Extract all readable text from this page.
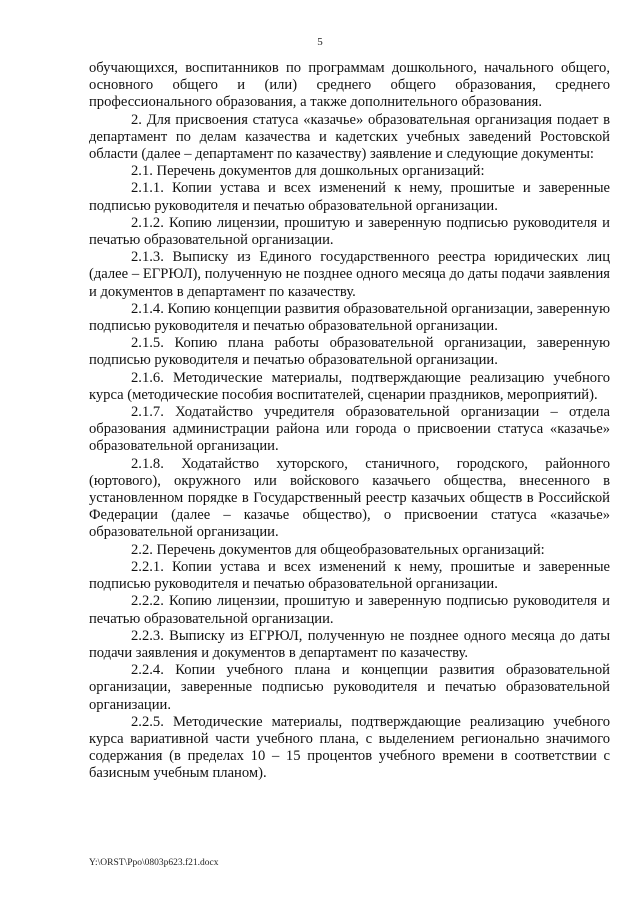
5

обучающихся, воспитанников по программам дошкольного, начального общего, основного общего и (или) среднего общего образования, среднего профессионального образования, а также дополнительного образования.

2. Для присвоения статуса «казачье» образовательная организация подает в департамент по делам казачества и кадетских учебных заведений Ростовской области (далее – департамент по казачеству) заявление и следующие документы:

2.1. Перечень документов для дошкольных организаций:

2.1.1. Копии устава и всех изменений к нему, прошитые и заверенные подписью руководителя и печатью образовательной организации.

2.1.2. Копию лицензии, прошитую и заверенную подписью руководителя и печатью образовательной организации.

2.1.3. Выписку из Единого государственного реестра юридических лиц (далее – ЕГРЮЛ), полученную не позднее одного месяца до даты подачи заявления и документов в департамент по казачеству.

2.1.4. Копию концепции развития образовательной организации, заверенную подписью руководителя и печатью образовательной организации.

2.1.5. Копию плана работы образовательной организации, заверенную подписью руководителя и печатью образовательной организации.

2.1.6. Методические материалы, подтверждающие реализацию учебного курса (методические пособия воспитателей, сценарии праздников, мероприятий).

2.1.7. Ходатайство учредителя образовательной организации – отдела образования администрации района или города о присвоении статуса «казачье» образовательной организации.

2.1.8. Ходатайство хуторского, станичного, городского, районного (юртового), окружного или войскового казачьего общества, внесенного в установленном порядке в Государственный реестр казачьих обществ в Российской Федерации (далее – казачье общество), о присвоении статуса «казачье» образовательной организации.

2.2. Перечень документов для общеобразовательных организаций:

2.2.1. Копии устава и всех изменений к нему, прошитые и заверенные подписью руководителя и печатью образовательной организации.

2.2.2. Копию лицензии, прошитую и заверенную подписью руководителя и печатью образовательной организации.

2.2.3. Выписку из ЕГРЮЛ, полученную не позднее одного месяца до даты подачи заявления и документов в департамент по казачеству.

2.2.4. Копии учебного плана и концепции развития образовательной организации, заверенные подписью руководителя и печатью образовательной организации.

2.2.5. Методические материалы, подтверждающие реализацию учебного курса вариативной части учебного плана, с выделением регионально значимого содержания (в пределах 10 – 15 процентов учебного времени в соответствии с базисным учебным планом).

Y:\ORST\Ppo\0803p623.f21.docx
